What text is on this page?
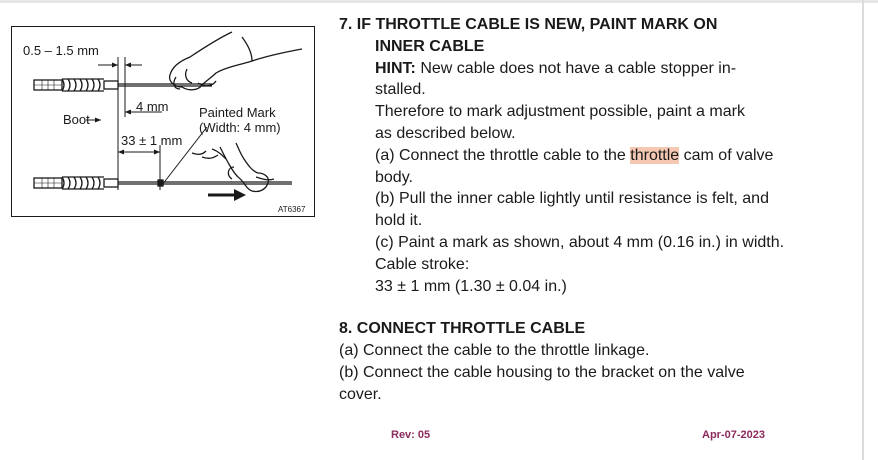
0.5 – 1.5 mm
Boot
4 mm Painted Mark
(Width: 4 mm)
33 ± 1 mm
AT6367
7. IF THROTTLE CABLE IS NEW, PAINT MARK ON
INNER CABLE
HINT: New cable does not have a cable stopper in-
stalled.
Therefore to mark adjustment possible, paint a mark
as described below.
(a) Connect the throttle cable to the throttle cam of valve
body.
(b) Pull the inner cable lightly until resistance is felt, and
hold it.
(c) Paint a mark as shown, about 4 mm (0.16 in.) in width.
Cable stroke:
33 ± 1 mm (1.30 ± 0.04 in.)
8. CONNECT THROTTLE CABLE
(a) Connect the cable to the throttle linkage.
(b) Connect the cable housing to the bracket on the valve
cover.
Rev: 05	Apr-07-2023
